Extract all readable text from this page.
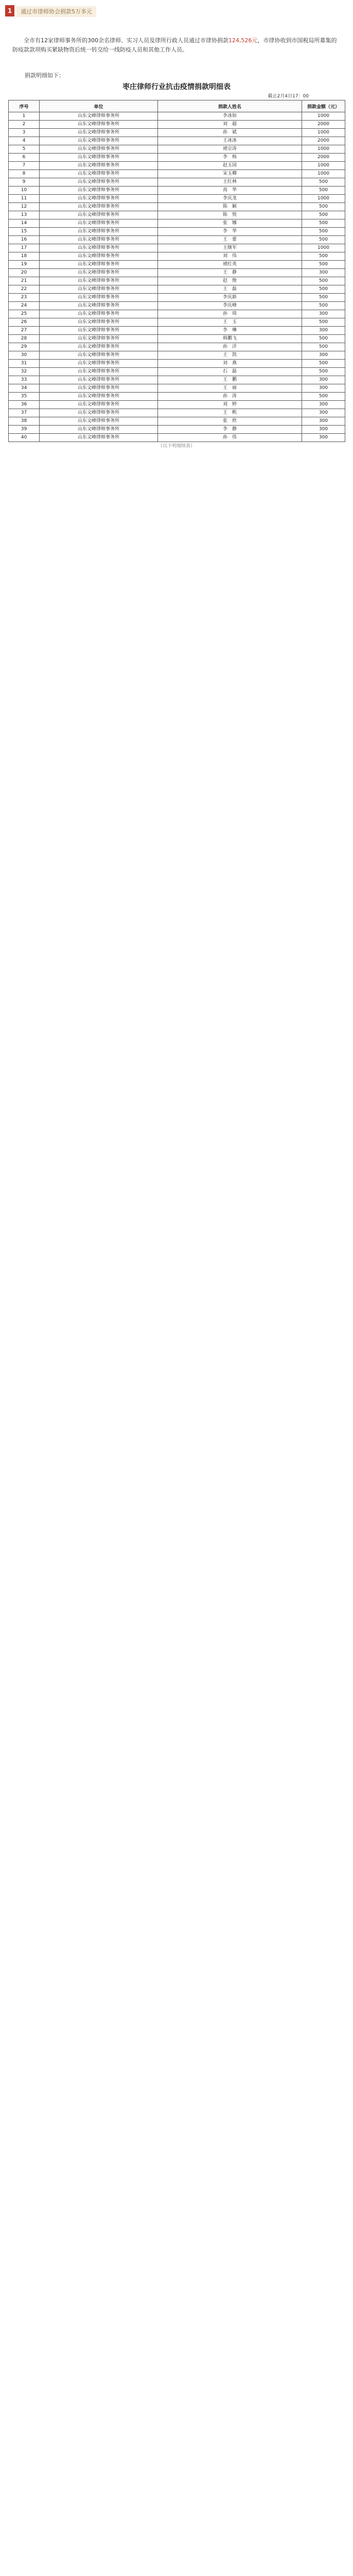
1	通过市律师协会捐款5万多元
全市有12家律师事务所的300余名律师、实习人员及律所行政人员通过市律协捐款124,526元，市律协收到市国税局所募集的防疫款款项购买紧缺物资后统一转交给一线防疫人员和其他工作人员。
捐款明细如下：
枣庄律师行业抗击疫情捐款明细表
截止2月4日17：00
序号	单位	捐款人姓名	捐款金额（元）
1	山东文峰律师事务所	李冰如	1000
2	山东文峰律师事务所	刘　超	2000
3	山东文峰律师事务所	孙　斌	1000
4	山东文峰律师事务所	王冰冰	2000
5	山东文峰律师事务所	褚宗涛	1000
6	山东文峰律师事务所	李　杨	2000
7	山东文峰律师事务所	赵玉国	1000
8	山东文峰律师事务所	宋玉卿	1000
9	山东文峰律师事务所	王红林	500
10	山东文峰律师事务所	高　华	500
11	山东文峰律师事务所	李庆龙	1000
12	山东文峰律师事务所	陈　颖	500
13	山东文峰律师事务所	陈　悦	500
14	山东文峰律师事务所	张　娜	500
15	山东文峰律师事务所	李　华	500
16	山东文峰律师事务所	王　蕾	500
17	山东文峰律师事务所	王继军	1000
18	山东文峰律师事务所	刘　伟	500
19	山东文峰律师事务所	褚红英	500
20	山东文峰律师事务所	王　静	300
21	山东文峰律师事务所	赵　俊	500
22	山东文峰律师事务所	王　磊	500
23	山东文峰律师事务所	李庆新	500
24	山东文峰律师事务所	李庆峰	500
25	山东文峰律师事务所	孙　琦	300
26	山东文峰律师事务所	王　玉	500
27	山东文峰律师事务所	李　琳	300
28	山东文峰律师事务所	韩鹏飞	500
29	山东文峰律师事务所	孙　洋	500
30	山东文峰律师事务所	王　凯	300
31	山东文峰律师事务所	刘　燕	500
32	山东文峰律师事务所	石　磊	500
33	山东文峰律师事务所	王　鹏	300
34	山东文峰律师事务所	王　丽	300
35	山东文峰律师事务所	孙　涛	500
36	山东文峰律师事务所	刘　婷	300
37	山东文峰律师事务所	王　帆	300
38	山东文峰律师事务所	张　欣	300
39	山东文峰律师事务所	李　静	300
40	山东文峰律师事务所	孙　伟	300
（以下明细续表）
